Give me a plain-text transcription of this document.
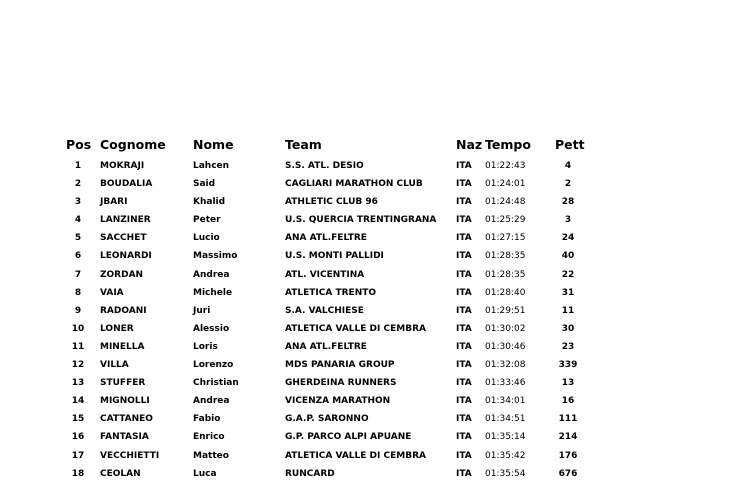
Pos Cognome Nome	Team	Naz Tempo Pett
1	MOKRAJI	Lahcen	S.S. ATL. DESIO	ITA 01:22:43	4
2	BOUDALIA	Said	CAGLIARI MARATHON CLUB	ITA 01:24:01	2
3	JBARI	Khalid	ATHLETIC CLUB 96	ITA 01:24:48	28
4	LANZINER	Peter	U.S. QUERCIA TRENTINGRANA ITA 01:25:29	3
5	SACCHET	Lucio	ANA ATL.FELTRE	ITA 01:27:15	24
6	LEONARDI	Massimo	U.S. MONTI PALLIDI	ITA 01:28:35	40
7	ZORDAN	Andrea	ATL. VICENTINA	ITA 01:28:35	22
8	VAIA	Michele	ATLETICA TRENTO	ITA 01:28:40	31
9	RADOANI	Juri	S.A. VALCHIESE	ITA 01:29:51	11
10	LONER	Alessio	ATLETICA VALLE DI CEMBRA	ITA 01:30:02	30
11	MINELLA	Loris	ANA ATL.FELTRE	ITA 01:30:46	23
12	VILLA	Lorenzo	MDS PANARIA GROUP	ITA 01:32:08	339
13	STUFFER	Christian	GHERDEINA RUNNERS	ITA 01:33:46	13
14	MIGNOLLI	Andrea	VICENZA MARATHON	ITA 01:34:01	16
15	CATTANEO	Fabio	G.A.P. SARONNO	ITA 01:34:51	111
16	FANTASIA	Enrico	G.P. PARCO ALPI APUANE	ITA 01:35:14	214
17	VECCHIETTI	Matteo	ATLETICA VALLE DI CEMBRA	ITA 01:35:42	176
18	CEOLAN	Luca	RUNCARD	ITA 01:35:54	676
